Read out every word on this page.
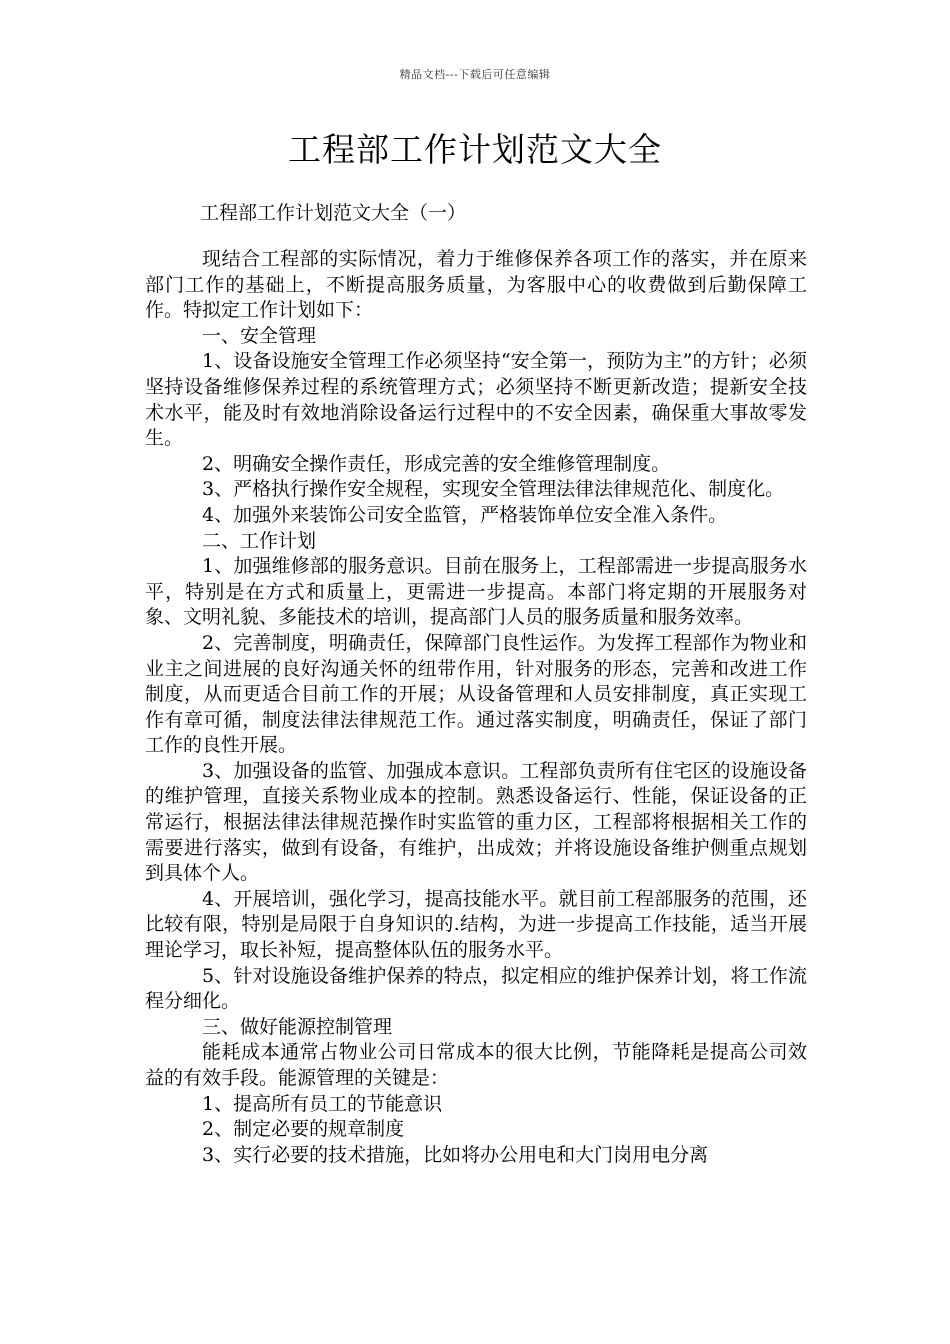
精品文档---下载后可任意编辑
工程部工作计划范文大全
工程部工作计划范文大全（一）

现结合工程部的实际情况，着力于维修保养各项工作的落实，并在原来部门工作的基础上，不断提高服务质量，为客服中心的收费做到后勤保障工作。特拟定工作计划如下：

一、安全管理

1、设备设施安全管理工作必须坚持“安全第一，预防为主”的方针；必须坚持设备维修保养过程的系统管理方式；必须坚持不断更新改造；提新安全技术水平，能及时有效地消除设备运行过程中的不安全因素，确保重大事故零发生。

2、明确安全操作责任，形成完善的安全维修管理制度。

3、严格执行操作安全规程，实现安全管理法律法律规范化、制度化。

4、加强外来装饰公司安全监管，严格装饰单位安全准入条件。

二、工作计划

1、加强维修部的服务意识。目前在服务上，工程部需进一步提高服务水平，特别是在方式和质量上，更需进一步提高。本部门将定期的开展服务对象、文明礼貌、多能技术的培训，提高部门人员的服务质量和服务效率。

2、完善制度，明确责任，保障部门良性运作。为发挥工程部作为物业和业主之间进展的良好沟通关怀的纽带作用，针对服务的形态，完善和改进工作制度，从而更适合目前工作的开展；从设备管理和人员安排制度，真正实现工作有章可循，制度法律法律规范工作。通过落实制度，明确责任，保证了部门工作的良性开展。

3、加强设备的监管、加强成本意识。工程部负责所有住宅区的设施设备的维护管理，直接关系物业成本的控制。熟悉设备运行、性能，保证设备的正常运行，根据法律法律规范操作时实监管的重力区，工程部将根据相关工作的需要进行落实，做到有设备，有维护，出成效；并将设施设备维护侧重点规划到具体个人。

4、开展培训，强化学习，提高技能水平。就目前工程部服务的范围，还比较有限，特别是局限于自身知识的.结构，为进一步提高工作技能，适当开展理论学习，取长补短，提高整体队伍的服务水平。

5、针对设施设备维护保养的特点，拟定相应的维护保养计划，将工作流程分细化。

三、做好能源控制管理

能耗成本通常占物业公司日常成本的很大比例，节能降耗是提高公司效益的有效手段。能源管理的关键是：

1、提高所有员工的节能意识

2、制定必要的规章制度

3、实行必要的技术措施，比如将办公用电和大门岗用电分离
